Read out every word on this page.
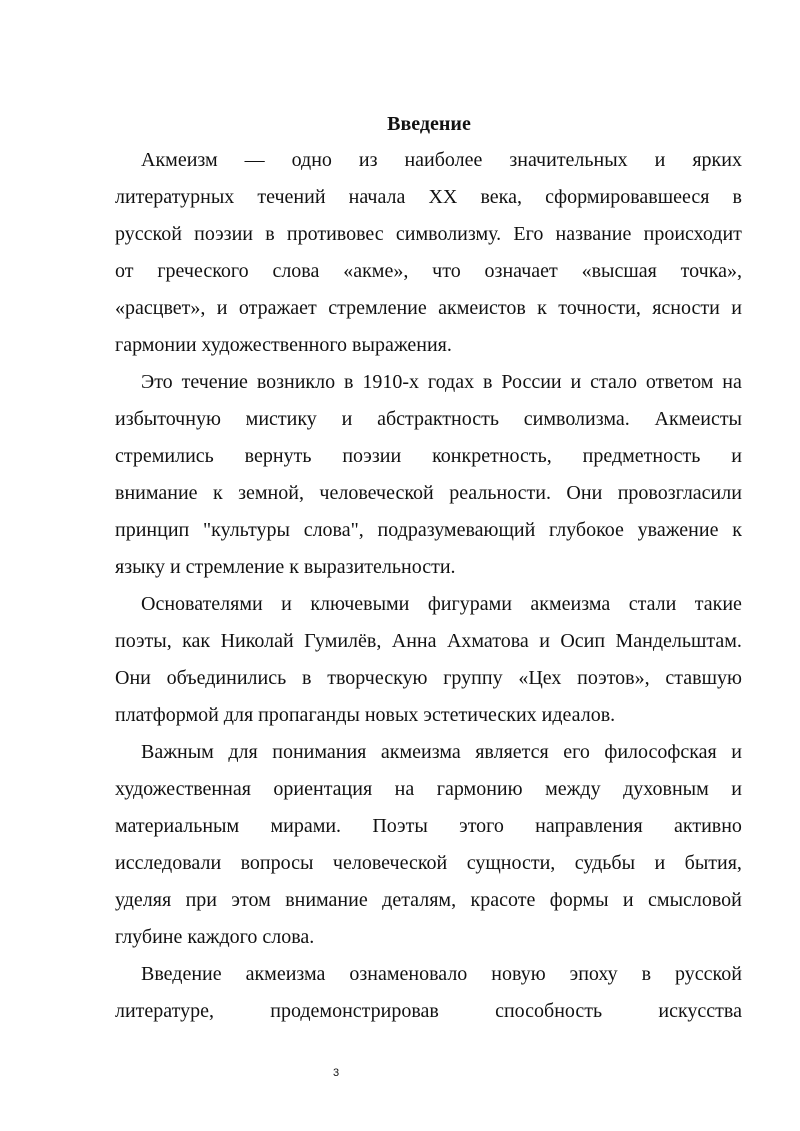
Введение
Акмеизм — одно из наиболее значительных и ярких
литературных течений начала XX века, сформировавшееся в
русской поэзии в противовес символизму. Его название происходит
от греческого слова «акме», что означает «высшая точка»,
«расцвет», и отражает стремление акмеистов к точности, ясности и
гармонии художественного выражения.
Это течение возникло в 1910-х годах в России и стало ответом на
избыточную мистику и абстрактность символизма. Акмеисты
стремились вернуть поэзии конкретность, предметность и
внимание к земной, человеческой реальности. Они провозгласили
принцип "культуры слова", подразумевающий глубокое уважение к
языку и стремление к выразительности.
Основателями и ключевыми фигурами акмеизма стали такие
поэты, как Николай Гумилёв, Анна Ахматова и Осип Мандельштам.
Они объединились в творческую группу «Цех поэтов», ставшую
платформой для пропаганды новых эстетических идеалов.
Важным для понимания акмеизма является его философская и
художественная ориентация на гармонию между духовным и
материальным мирами. Поэты этого направления активно
исследовали вопросы человеческой сущности, судьбы и бытия,
уделяя при этом внимание деталям, красоте формы и смысловой
глубине каждого слова.
Введение акмеизма ознаменовало новую эпоху в русской
литературе,	продемонстрировав	способность	искусства
3
